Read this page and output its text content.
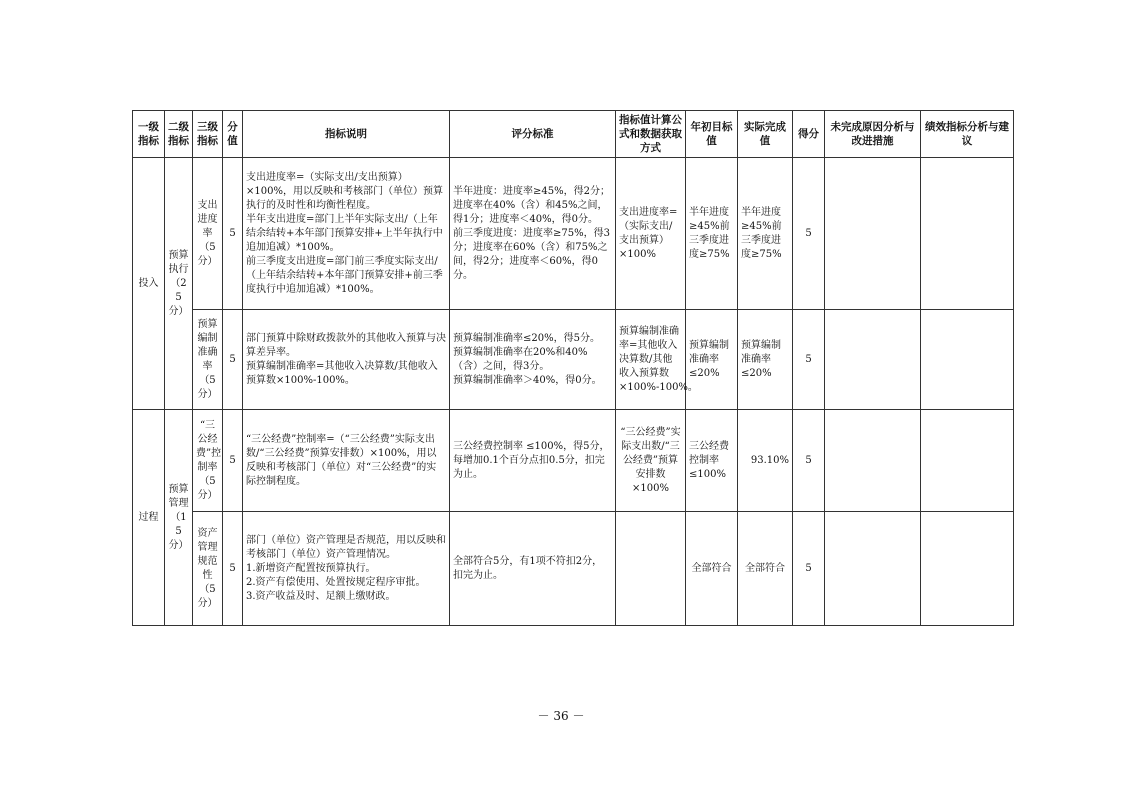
一级指标	二级指标	三级指标	分值	指标说明	评分标准	指标值计算公式和数据获取方式	年初目标值	实际完成值	得分	未完成原因分析与改进措施	绩效指标分析与建议
投入	预算执行（25分）	支出进度率（5分）	5	支出进度率=（实际支出/支出预算）×100%，用以反映和考核部门（单位）预算执行的及时性和均衡性程度。
半年支出进度=部门上半年实际支出/（上年结余结转+本年部门预算安排+上半年执行中追加追减）*100%。
前三季度支出进度=部门前三季度实际支出/（上年结余结转+本年部门预算安排+前三季度执行中追加追减）*100%。	半年进度：进度率≥45%，得2分；进度率在40%（含）和45%之间，得1分；进度率＜40%，得0分。
前三季度进度：进度率≥75%，得3分；进度率在60%（含）和75%之间，得2分；进度率＜60%，得0分。	支出进度率=（实际支出/支出预算）×100%	半年进度≥45%前三季度进度≥75%	半年进度≥45%前三季度进度≥75%	5		
		预算编制准确率（5分）	5	部门预算中除财政拨款外的其他收入预算与决算差异率。
预算编制准确率=其他收入决算数/其他收入预算数×100%-100%。	预算编制准确率≤20%，得5分。
预算编制准确率在20%和40%（含）之间，得3分。
预算编制准确率＞40%，得0分。	预算编制准确率=其他收入决算数/其他收入预算数×100%-100%。	预算编制准确率≤20%	预算编制准确率≤20%	5		
过程	预算管理（15分）	“三公经费”控制率（5分）	5	“三公经费”控制率=（“三公经费”实际支出数/“三公经费”预算安排数）×100%，用以反映和考核部门（单位）对“三公经费”的实际控制程度。	三公经费控制率 ≤100%，得5分，每增加0.1个百分点扣0.5分，扣完为止。	“三公经费”实际支出数/“三公经费”预算安排数×100%	三公经费控制率≤100%	93.10%	5		
		资产管理规范性（5分）	5	部门（单位）资产管理是否规范，用以反映和考核部门（单位）资产管理情况。
1.新增资产配置按预算执行。
2.资产有偿使用、处置按规定程序审批。
3.资产收益及时、足额上缴财政。	全部符合5分，有1项不符扣2分，扣完为止。		全部符合	全部符合	5		
－ 36 －
